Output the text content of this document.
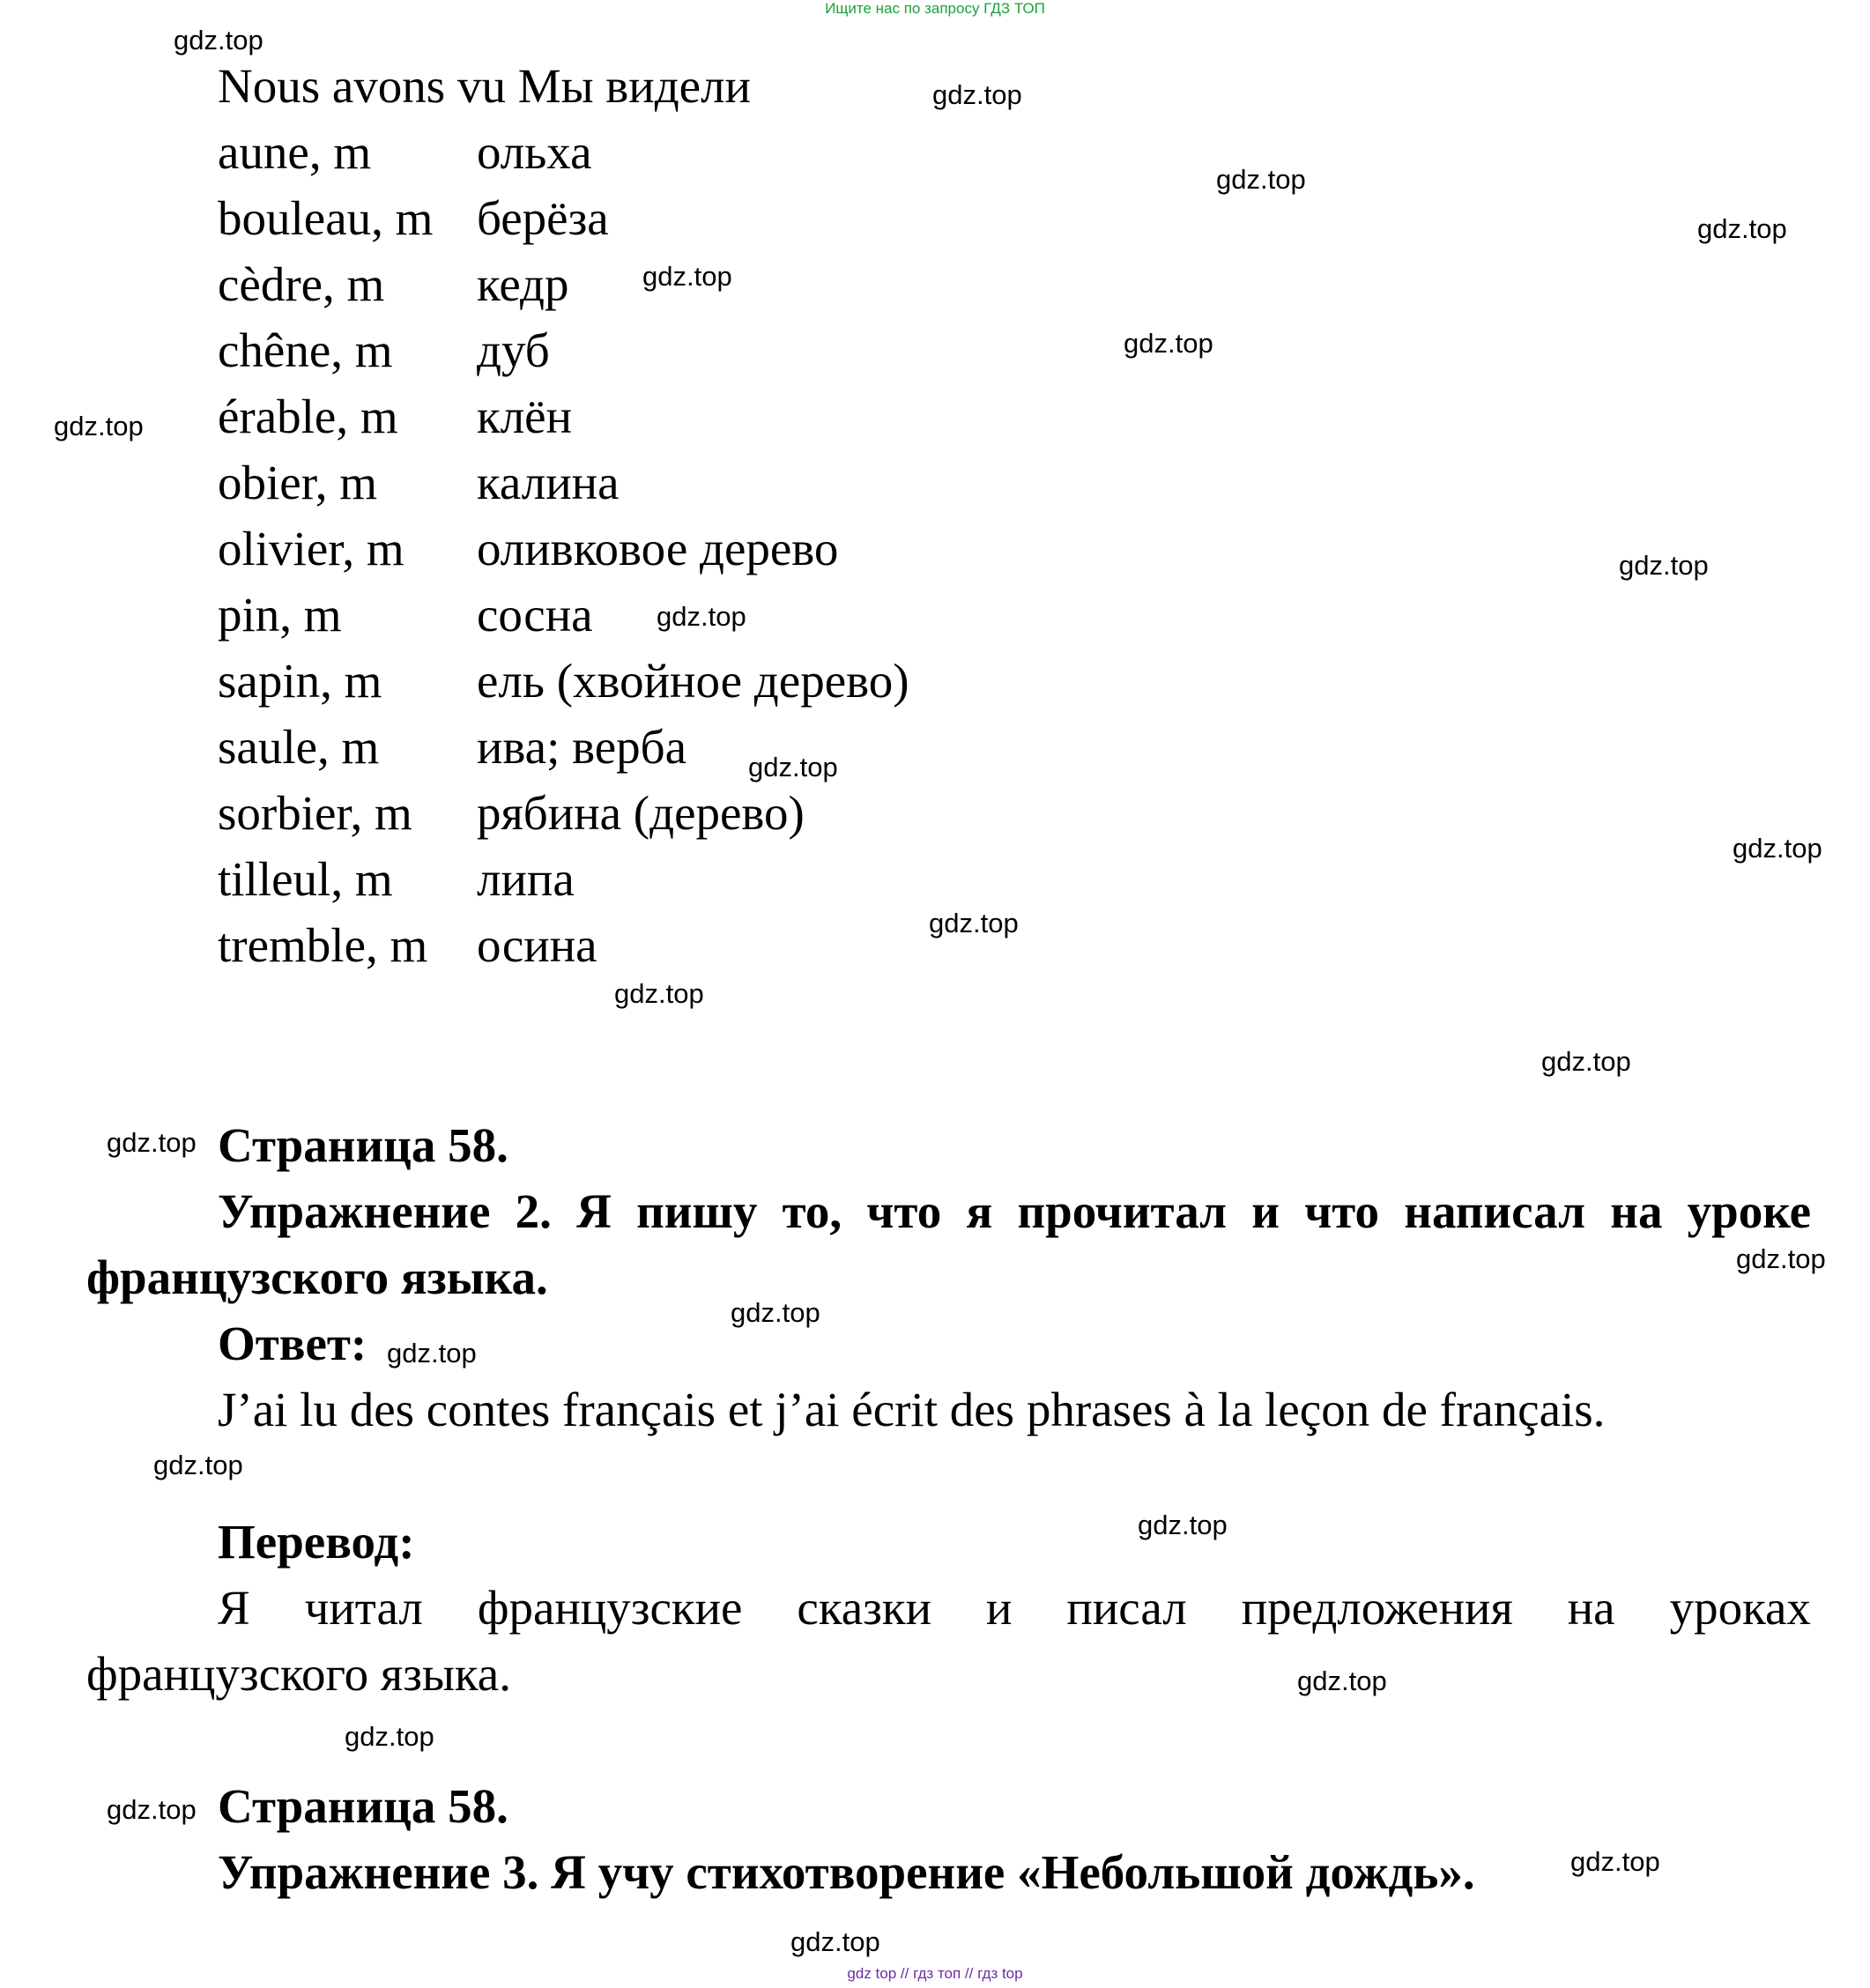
Ищите нас по запросу ГДЗ ТОП
gdz.top
gdz.top
gdz.top
gdz.top
gdz.top
gdz.top
gdz.top
gdz.top
gdz.top
gdz.top
gdz.top
gdz.top
gdz.top
gdz.top
gdz.top
gdz.top
gdz.top
gdz.top
gdz.top
gdz.top
gdz.top
gdz.top
gdz.top
gdz.top
gdz.top
Nous avons vu Мы видели
aune, m ольха
bouleau, m берёза
cèdre, m кедр
chêne, m дуб
érable, m клён
obier, m калина
olivier, m оливковое дерево
pin, m	сосна
sapin, m ель (хвойное дерево)
saule, m ива; верба
sorbier, m рябина (дерево)
tilleul, m липа
tremble, m осина
Страница 58.
Упражнение 2. Я пишу то, что я прочитал и что написал на уроке
французского языка.
Ответ:
J’ai lu des contes français et j’ai écrit des phrases à la leçon de français.
Перевод:
Я читал французские сказки и писал предложения на уроках
французского языка.
Страница 58.
Упражнение 3. Я учу стихотворение «Небольшой дождь».
gdz top // гдз топ // гдз top
